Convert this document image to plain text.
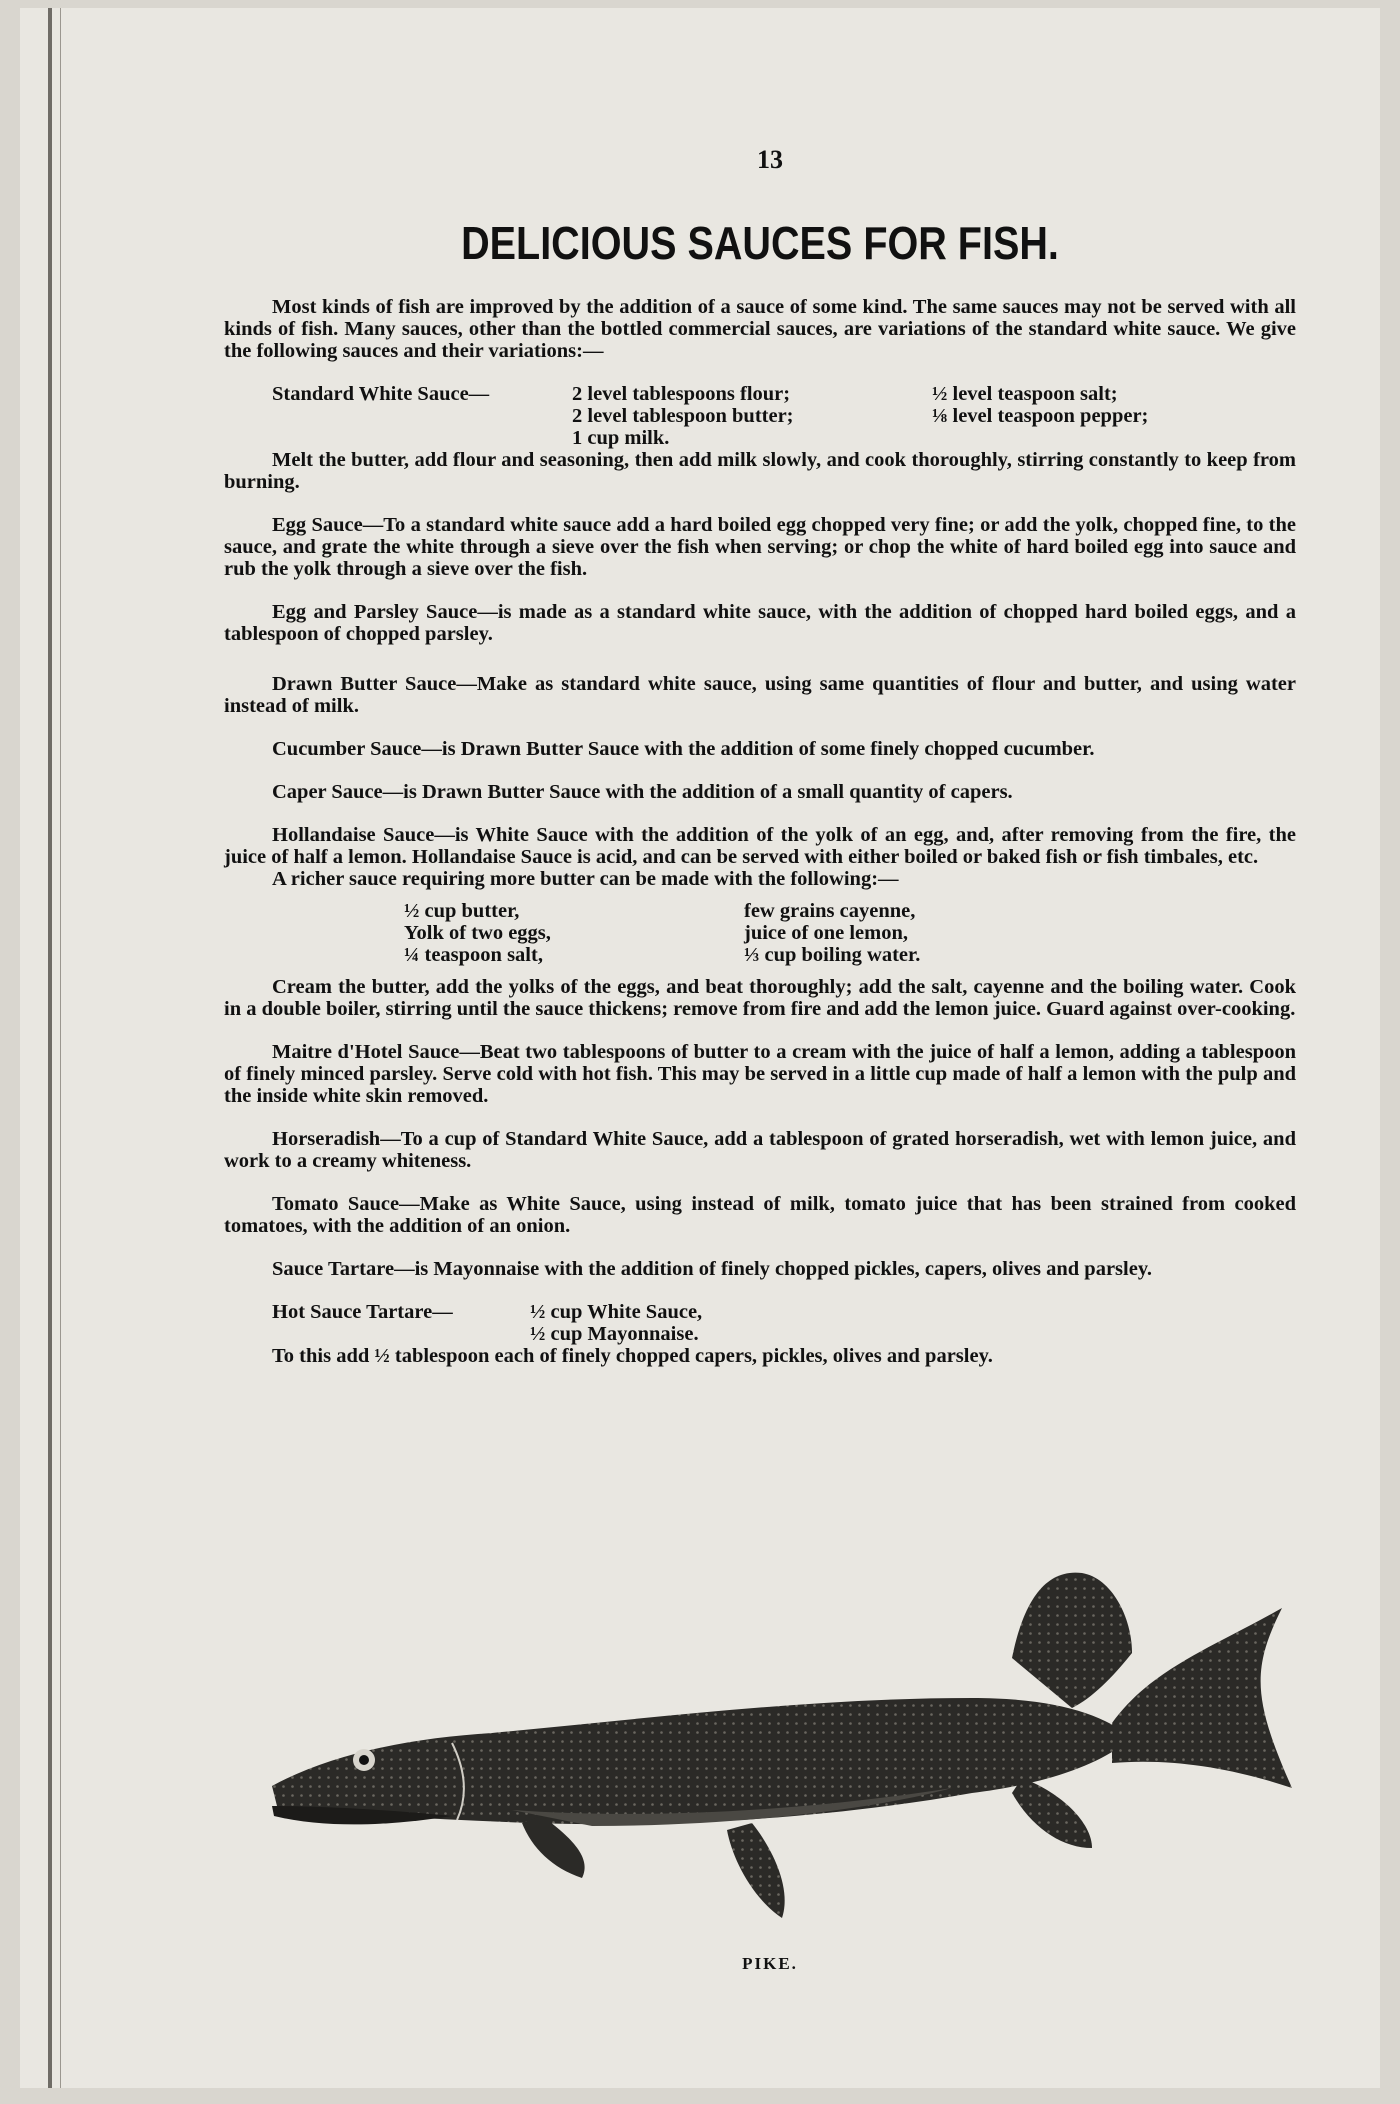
13
DELICIOUS SAUCES FOR FISH.

Most kinds of fish are improved by the addition of a sauce of some kind. The same sauces may not be served with all kinds of fish. Many sauces, other than the bottled commercial sauces, are variations of the standard white sauce. We give the following sauces and their variations:—

Standard White Sauce—	2 level tablespoons flour;
2 level tablespoon butter;
1 cup milk.
½ level teaspoon salt;
⅛ level teaspoon pepper;

Melt the butter, add flour and seasoning, then add milk slowly, and cook thoroughly, stirring constantly to keep from burning.

Egg Sauce—To a standard white sauce add a hard boiled egg chopped very fine; or add the yolk, chopped fine, to the sauce, and grate the white through a sieve over the fish when serving; or chop the white of hard boiled egg into sauce and rub the yolk through a sieve over the fish.

Egg and Parsley Sauce—is made as a standard white sauce, with the addition of chopped hard boiled eggs, and a tablespoon of chopped parsley.

Drawn Butter Sauce—Make as standard white sauce, using same quantities of flour and butter, and using water instead of milk.

Cucumber Sauce—is Drawn Butter Sauce with the addition of some finely chopped cucumber.

Caper Sauce—is Drawn Butter Sauce with the addition of a small quantity of capers.

Hollandaise Sauce—is White Sauce with the addition of the yolk of an egg, and, after removing from the fire, the juice of half a lemon. Hollandaise Sauce is acid, and can be served with either boiled or baked fish or fish timbales, etc.

A richer sauce requiring more butter can be made with the following:—

½ cup butter,
Yolk of two eggs,
¼ teaspoon salt,
few grains cayenne,
juice of one lemon,
⅓ cup boiling water.

Cream the butter, add the yolks of the eggs, and beat thoroughly; add the salt, cayenne and the boiling water. Cook in a double boiler, stirring until the sauce thickens; remove from fire and add the lemon juice. Guard against over-cooking.

Maitre d'Hotel Sauce—Beat two tablespoons of butter to a cream with the juice of half a lemon, adding a tablespoon of finely minced parsley. Serve cold with hot fish. This may be served in a little cup made of half a lemon with the pulp and the inside white skin removed.

Horseradish—To a cup of Standard White Sauce, add a tablespoon of grated horseradish, wet with lemon juice, and work to a creamy whiteness.

Tomato Sauce—Make as White Sauce, using instead of milk, tomato juice that has been strained from cooked tomatoes, with the addition of an onion.

Sauce Tartare—is Mayonnaise with the addition of finely chopped pickles, capers, olives and parsley.

Hot Sauce Tartare—	½ cup White Sauce,
½ cup Mayonnaise.

To this add ½ tablespoon each of finely chopped capers, pickles, olives and parsley.

PIKE.
